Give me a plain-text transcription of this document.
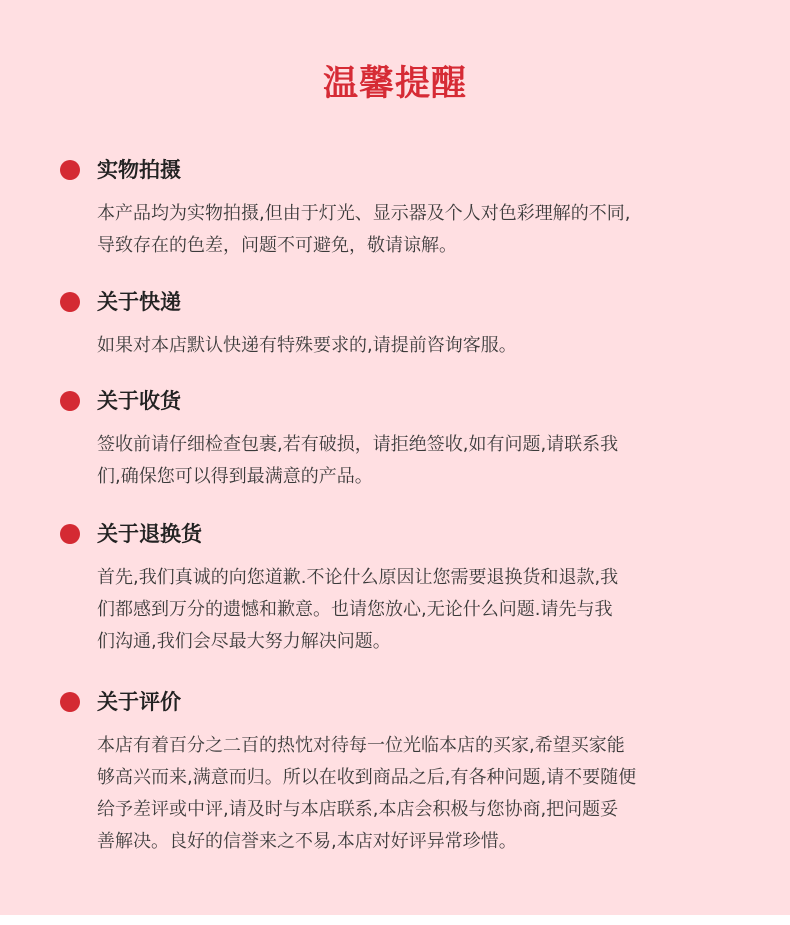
温馨提醒
实物拍摄
本产品均为实物拍摄,但由于灯光、显示器及个人对色彩理解的不同,
导致存在的色差，问题不可避免，敬请谅解。
关于快递
如果对本店默认快递有特殊要求的,请提前咨询客服。
关于收货
签收前请仔细检查包裹,若有破损，请拒绝签收,如有问题,请联系我
们,确保您可以得到最满意的产品。
关于退换货
首先,我们真诚的向您道歉.不论什么原因让您需要退换货和退款,我
们都感到万分的遗憾和歉意。也请您放心,无论什么问题.请先与我
们沟通,我们会尽最大努力解决问题。
关于评价
本店有着百分之二百的热忱对待每一位光临本店的买家,希望买家能
够高兴而来,满意而归。所以在收到商品之后,有各种问题,请不要随便
给予差评或中评,请及时与本店联系,本店会积极与您协商,把问题妥
善解决。良好的信誉来之不易,本店对好评异常珍惜。
